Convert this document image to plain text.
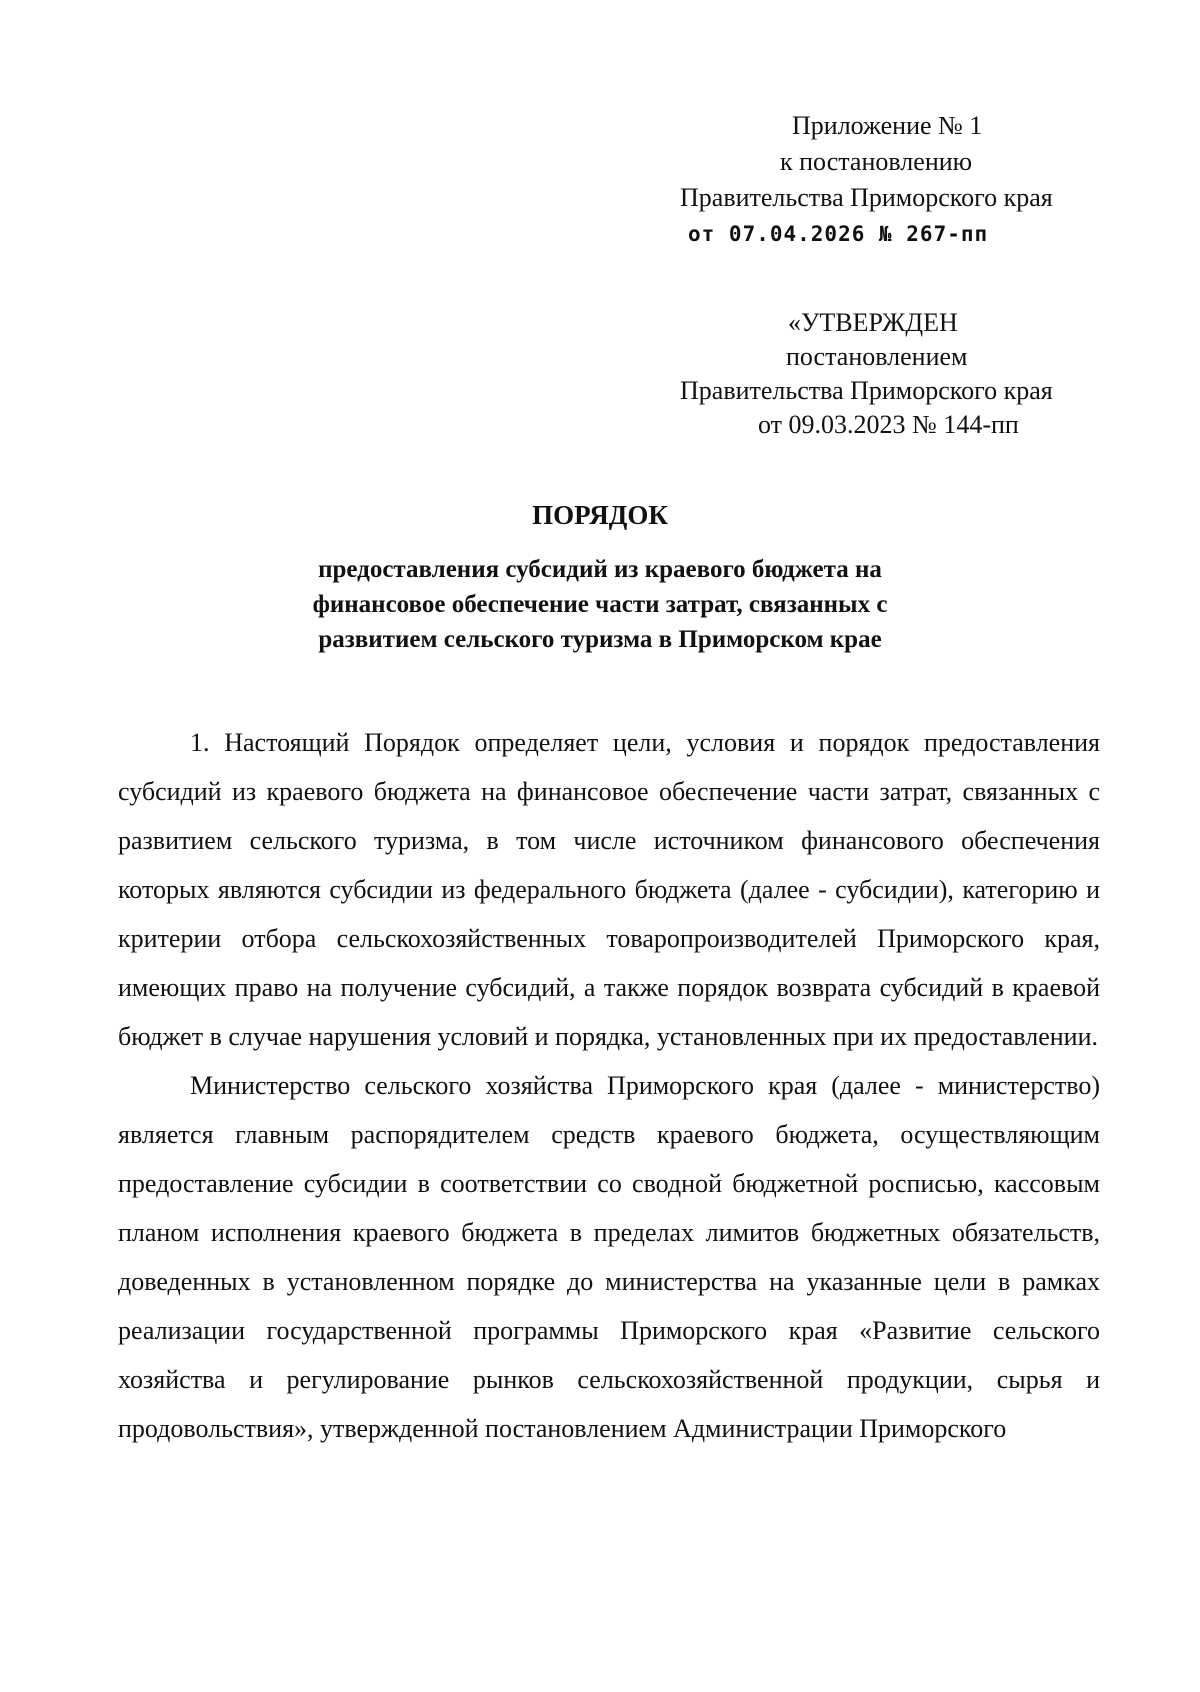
Приложение № 1
к постановлению
Правительства Приморского края
от 07.04.2026 № 267-пп
«УТВЕРЖДЕН
постановлением
Правительства Приморского края
от 09.03.2023 № 144-пп
ПОРЯДОК
предоставления субсидий из краевого бюджета на
финансовое обеспечение части затрат, связанных с
развитием сельского туризма в Приморском крае

1. Настоящий Порядок определяет цели, условия и порядок предоставления субсидий из краевого бюджета на финансовое обеспечение части затрат, связанных с развитием сельского туризма, в том числе источником финансового обеспечения которых являются субсидии из федерального бюджета (далее - субсидии), категорию и критерии отбора сельскохозяйственных товаропроизводителей Приморского края, имеющих право на получение субсидий, а также порядок возврата субсидий в краевой бюджет в случае нарушения условий и порядка, установленных при их предоставлении.

Министерство сельского хозяйства Приморского края (далее - министерство) является главным распорядителем средств краевого бюджета, осуществляющим предоставление субсидии в соответствии со сводной бюджетной росписью, кассовым планом исполнения краевого бюджета в пределах лимитов бюджетных обязательств, доведенных в установленном порядке до министерства на указанные цели в рамках реализации государственной программы Приморского края «Развитие сельского хозяйства и регулирование рынков сельскохозяйственной продукции, сырья и продовольствия», утвержденной постановлением Администрации Приморского
